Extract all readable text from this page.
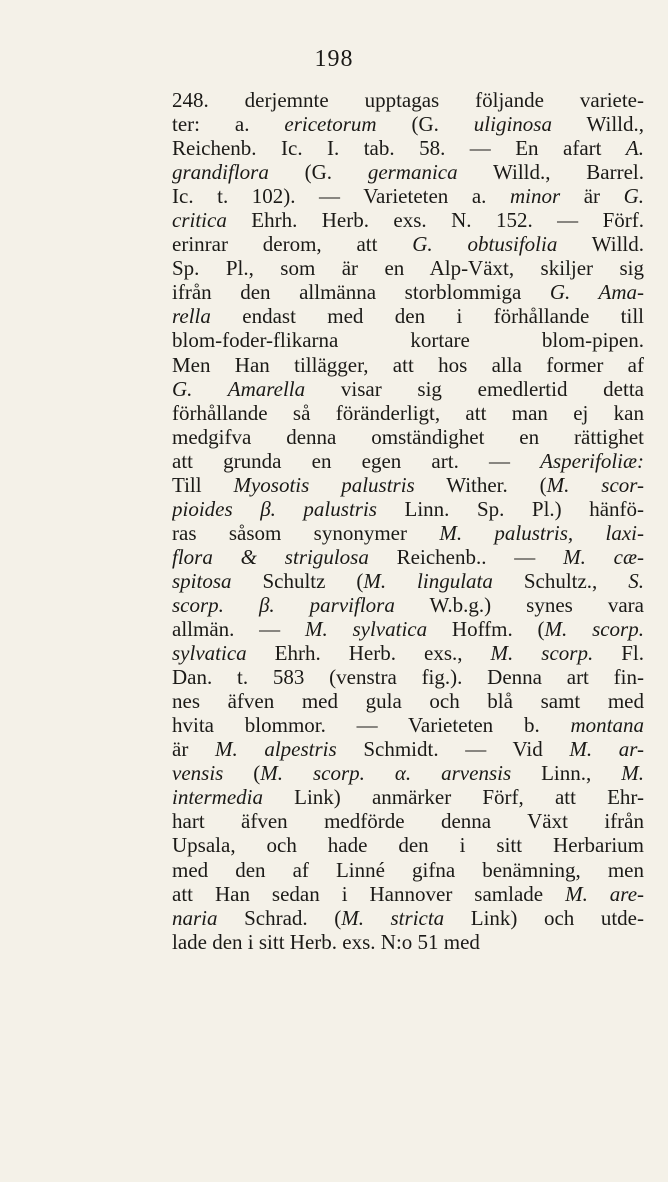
198
248. derjemnte upptagas följande variete-
ter: a. ericetorum (G. uliginosa Willd.,
Reichenb. Ic. I. tab. 58. — En afart A.
grandiflora (G. germanica Willd., Barrel.
Ic. t. 102). — Varieteten a. minor är G.
critica Ehrh. Herb. exs. N. 152. — Förf.
erinrar derom, att G. obtusifolia Willd.
Sp. Pl., som är en Alp-Växt, skiljer sig
ifrån den allmänna storblommiga G. Ama-
rella endast med den i förhållande till
blom-foder-flikarna kortare blom-pipen.
Men Han tillägger, att hos alla former af
G. Amarella visar sig emedlertid detta
förhållande så föränderligt, att man ej kan
medgifva denna omständighet en rättighet
att grunda en egen art. — Asperifoliæ:
Till Myosotis palustris Wither. (M. scor-
pioides β. palustris Linn. Sp. Pl.) hänfö-
ras såsom synonymer M. palustris, laxi-
flora & strigulosa Reichenb.. — M. cæ-
spitosa Schultz (M. lingulata Schultz., S.
scorp. β. parviflora W.b.g.) synes vara
allmän. — M. sylvatica Hoffm. (M. scorp.
sylvatica Ehrh. Herb. exs., M. scorp. Fl.
Dan. t. 583 (venstra fig.). Denna art fin-
nes äfven med gula och blå samt med
hvita blommor. — Varieteten b. montana
är M. alpestris Schmidt. — Vid M. ar-
vensis (M. scorp. α. arvensis Linn., M.
intermedia Link) anmärker Förf, att Ehr-
hart äfven medförde denna Växt ifrån
Upsala, och hade den i sitt Herbarium
med den af Linné gifna benämning, men
att Han sedan i Hannover samlade M. are-
naria Schrad. (M. stricta Link) och utde-
lade den i sitt Herb. exs. N:o 51 med
